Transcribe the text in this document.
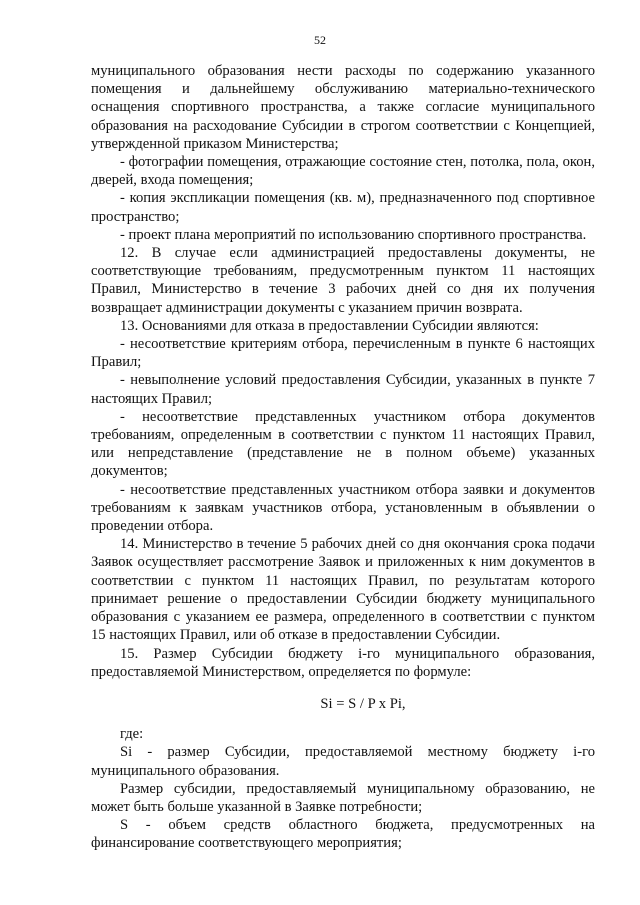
52

муниципального образования нести расходы по содержанию указанного помещения и дальнейшему обслуживанию материально-технического оснащения спортивного пространства, а также согласие муниципального образования на расходование Субсидии в строгом соответствии с Концепцией, утвержденной приказом Министерства;

- фотографии помещения, отражающие состояние стен, потолка, пола, окон, дверей, входа помещения;

- копия экспликации помещения (кв. м), предназначенного под спортивное пространство;

- проект плана мероприятий по использованию спортивного пространства.

12. В случае если администрацией предоставлены документы, не соответствующие требованиям, предусмотренным пунктом 11 настоящих Правил, Министерство в течение 3 рабочих дней со дня их получения возвращает администрации документы с указанием причин возврата.

13. Основаниями для отказа в предоставлении Субсидии являются:

- несоответствие критериям отбора, перечисленным в пункте 6 настоящих Правил;

- невыполнение условий предоставления Субсидии, указанных в пункте 7 настоящих Правил;

- несоответствие представленных участником отбора документов требованиям, определенным в соответствии с пунктом 11 настоящих Правил, или непредставление (представление не в полном объеме) указанных документов;

- несоответствие представленных участником отбора заявки и документов требованиям к заявкам участников отбора, установленным в объявлении о проведении отбора.

14. Министерство в течение 5 рабочих дней со дня окончания срока подачи Заявок осуществляет рассмотрение Заявок и приложенных к ним документов в соответствии с пунктом 11 настоящих Правил, по результатам которого принимает решение о предоставлении Субсидии бюджету муниципального образования с указанием ее размера, определенного в соответствии с пунктом 15 настоящих Правил, или об отказе в предоставлении Субсидии.

15. Размер Субсидии бюджету i-го муниципального образования, предоставляемой Министерством, определяется по формуле:

Si = S / P x Pi,

где:

Si - размер Субсидии, предоставляемой местному бюджету i-го муниципального образования.

Размер субсидии, предоставляемый муниципальному образованию, не может быть больше указанной в Заявке потребности;

S - объем средств областного бюджета, предусмотренных на финансирование соответствующего мероприятия;
